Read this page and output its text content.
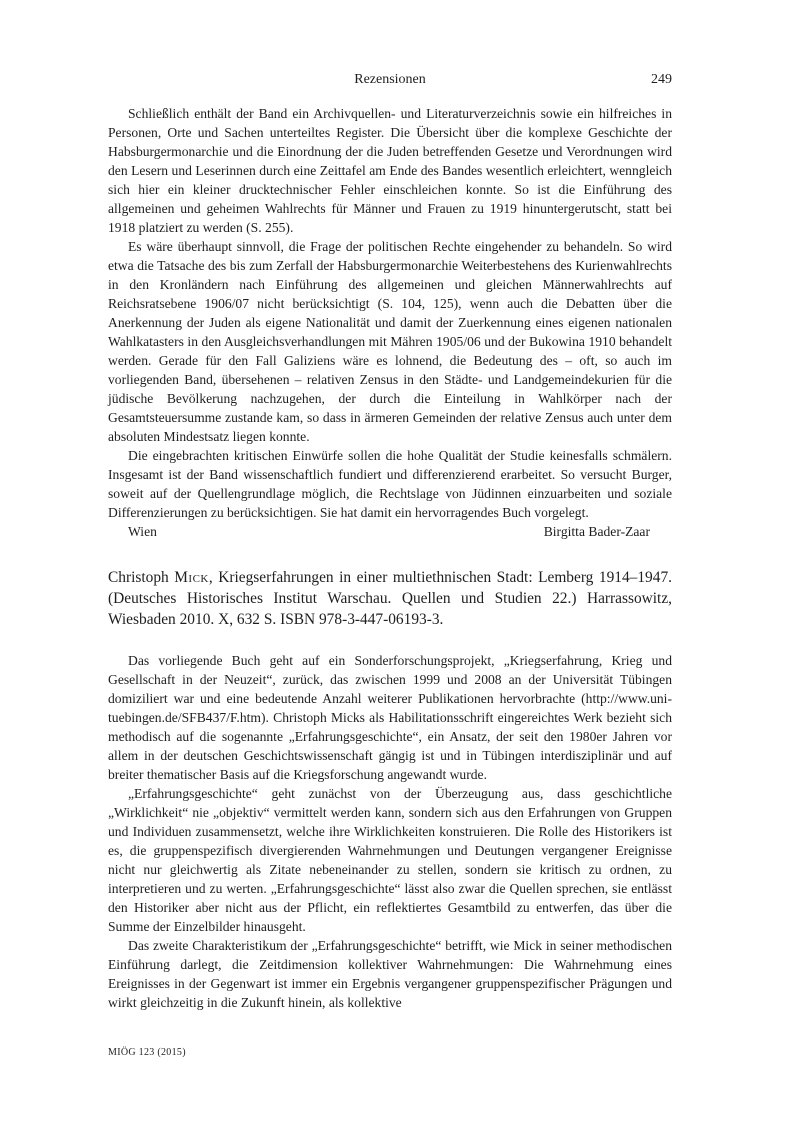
Rezensionen	249

Schließlich enthält der Band ein Archivquellen- und Literaturverzeichnis sowie ein hilfreiches in Personen, Orte und Sachen unterteiltes Register. Die Übersicht über die komplexe Geschichte der Habsburgermonarchie und die Einordnung der die Juden betreffenden Gesetze und Verordnungen wird den Lesern und Leserinnen durch eine Zeittafel am Ende des Bandes wesentlich erleichtert, wenngleich sich hier ein kleiner drucktechnischer Fehler einschleichen konnte. So ist die Einführung des allgemeinen und geheimen Wahlrechts für Männer und Frauen zu 1919 hinuntergerutscht, statt bei 1918 platziert zu werden (S. 255).

Es wäre überhaupt sinnvoll, die Frage der politischen Rechte eingehender zu behandeln. So wird etwa die Tatsache des bis zum Zerfall der Habsburgermonarchie Weiterbestehens des Kurienwahlrechts in den Kronländern nach Einführung des allgemeinen und gleichen Männerwahlrechts auf Reichsratsebene 1906/07 nicht berücksichtigt (S. 104, 125), wenn auch die Debatten über die Anerkennung der Juden als eigene Nationalität und damit der Zuerkennung eines eigenen nationalen Wahlkatasters in den Ausgleichsverhandlungen mit Mähren 1905/06 und der Bukowina 1910 behandelt werden. Gerade für den Fall Galiziens wäre es lohnend, die Bedeutung des – oft, so auch im vorliegenden Band, übersehenen – relativen Zensus in den Städte- und Landgemeindekurien für die jüdische Bevölkerung nachzugehen, der durch die Einteilung in Wahlkörper nach der Gesamtsteuersumme zustande kam, so dass in ärmeren Gemeinden der relative Zensus auch unter dem absoluten Mindestsatz liegen konnte.

Die eingebrachten kritischen Einwürfe sollen die hohe Qualität der Studie keinesfalls schmälern. Insgesamt ist der Band wissenschaftlich fundiert und differenzierend erarbeitet. So versucht Burger, soweit auf der Quellengrundlage möglich, die Rechtslage von Jüdinnen einzuarbeiten und soziale Differenzierungen zu berücksichtigen. Sie hat damit ein hervorragendes Buch vorgelegt.

Wien	Birgitta Bader-Zaar
Christoph Mick, Kriegserfahrungen in einer multiethnischen Stadt: Lemberg 1914–1947. (Deutsches Historisches Institut Warschau. Quellen und Studien 22.) Harrassowitz, Wiesbaden 2010. X, 632 S. ISBN 978-3-447-06193-3.

Das vorliegende Buch geht auf ein Sonderforschungsprojekt, „Kriegserfahrung, Krieg und Gesellschaft in der Neuzeit“, zurück, das zwischen 1999 und 2008 an der Universität Tübingen domiziliert war und eine bedeutende Anzahl weiterer Publikationen hervorbrachte (http://www.uni-tuebingen.de/SFB437/F.htm). Christoph Micks als Habilitationsschrift eingereichtes Werk bezieht sich methodisch auf die sogenannte „Erfahrungsgeschichte“, ein Ansatz, der seit den 1980er Jahren vor allem in der deutschen Geschichtswissenschaft gängig ist und in Tübingen interdisziplinär und auf breiter thematischer Basis auf die Kriegsforschung angewandt wurde.

„Erfahrungsgeschichte“ geht zunächst von der Überzeugung aus, dass geschichtliche „Wirklichkeit“ nie „objektiv“ vermittelt werden kann, sondern sich aus den Erfahrungen von Gruppen und Individuen zusammensetzt, welche ihre Wirklichkeiten konstruieren. Die Rolle des Historikers ist es, die gruppenspezifisch divergierenden Wahrnehmungen und Deutungen vergangener Ereignisse nicht nur gleichwertig als Zitate nebeneinander zu stellen, sondern sie kritisch zu ordnen, zu interpretieren und zu werten. „Erfahrungsgeschichte“ lässt also zwar die Quellen sprechen, sie entlässt den Historiker aber nicht aus der Pflicht, ein reflektiertes Gesamtbild zu entwerfen, das über die Summe der Einzelbilder hinausgeht.

Das zweite Charakteristikum der „Erfahrungsgeschichte“ betrifft, wie Mick in seiner methodischen Einführung darlegt, die Zeitdimension kollektiver Wahrnehmungen: Die Wahrnehmung eines Ereignisses in der Gegenwart ist immer ein Ergebnis vergangener gruppenspezifischer Prägungen und wirkt gleichzeitig in die Zukunft hinein, als kollektive

MIÖG 123 (2015)
